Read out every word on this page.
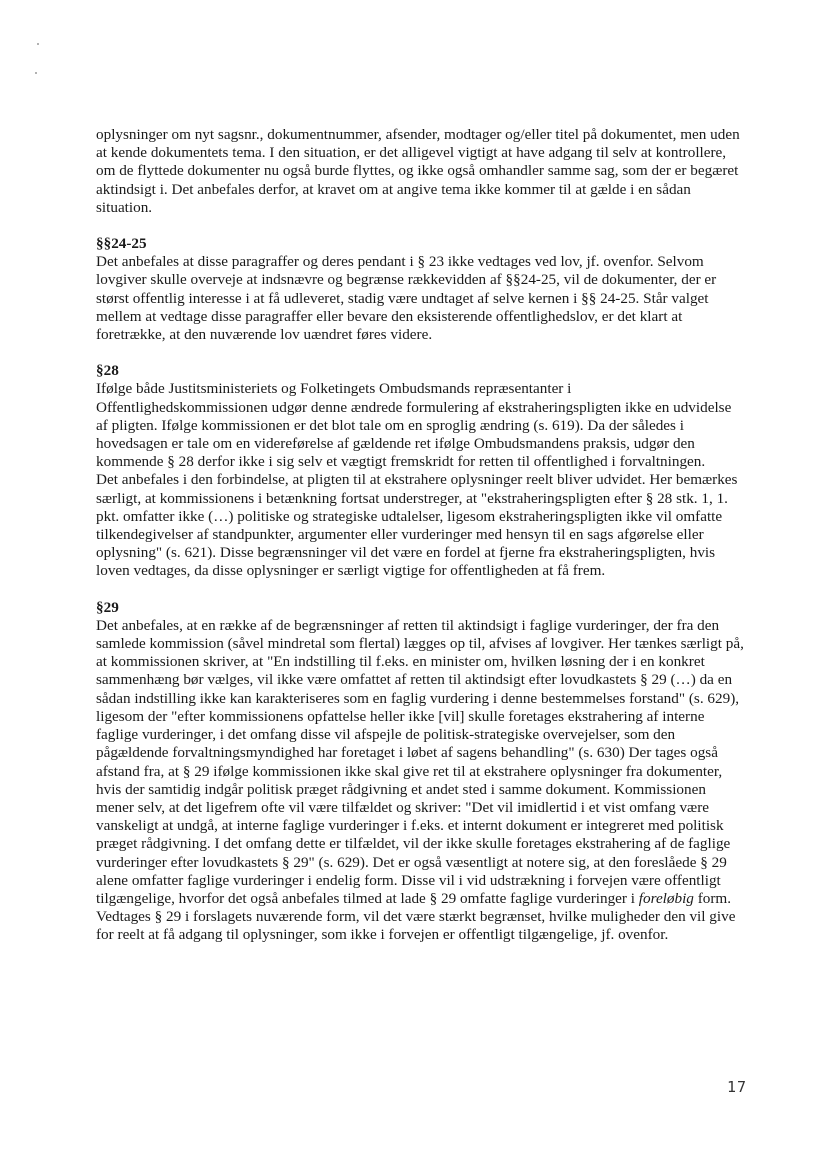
oplysninger om nyt sagsnr., dokumentnummer, afsender, modtager og/eller titel på dokumentet, men uden at kende dokumentets tema. I den situation, er det alligevel vigtigt at have adgang til selv at kontrollere, om de flyttede dokumenter nu også burde flyttes, og ikke også omhandler samme sag, som der er begæret aktindsigt i. Det anbefales derfor, at kravet om at angive tema ikke kommer til at gælde i en sådan situation.

§§24-25

Det anbefales at disse paragraffer og deres pendant i § 23 ikke vedtages ved lov, jf. ovenfor. Selvom lovgiver skulle overveje at indsnævre og begrænse rækkevidden af §§24-25, vil de dokumenter, der er størst offentlig interesse i at få udleveret, stadig være undtaget af selve kernen i §§ 24-25. Står valget mellem at vedtage disse paragraffer eller bevare den eksisterende offentlighedslov, er det klart at foretrække, at den nuværende lov uændret føres videre.

§28

Ifølge både Justitsministeriets og Folketingets Ombudsmands repræsentanter i Offentlighedskommissionen udgør denne ændrede formulering af ekstraheringspligten ikke en udvidelse af pligten. Ifølge kommissionen er det blot tale om en sproglig ændring (s. 619). Da der således i hovedsagen er tale om en videreførelse af gældende ret ifølge Ombudsmandens praksis, udgør den kommende § 28 derfor ikke i sig selv et vægtigt fremskridt for retten til offentlighed i forvaltningen.

Det anbefales i den forbindelse, at pligten til at ekstrahere oplysninger reelt bliver udvidet. Her bemærkes særligt, at kommissionens i betænkning fortsat understreger, at "ekstraheringspligten efter § 28 stk. 1, 1. pkt. omfatter ikke (…) politiske og strategiske udtalelser, ligesom ekstraheringspligten ikke vil omfatte tilkendegivelser af standpunkter, argumenter eller vurderinger med hensyn til en sags afgørelse eller oplysning" (s. 621). Disse begrænsninger vil det være en fordel at fjerne fra ekstraheringspligten, hvis loven vedtages, da disse oplysninger er særligt vigtige for offentligheden at få frem.

§29

Det anbefales, at en række af de begrænsninger af retten til aktindsigt i faglige vurderinger, der fra den samlede kommission (såvel mindretal som flertal) lægges op til, afvises af lovgiver. Her tænkes særligt på, at kommissionen skriver, at "En indstilling til f.eks. en minister om, hvilken løsning der i en konkret sammenhæng bør vælges, vil ikke være omfattet af retten til aktindsigt efter lovudkastets § 29 (…) da en sådan indstilling ikke kan karakteriseres som en faglig vurdering i denne bestemmelses forstand" (s. 629), ligesom der "efter kommissionens opfattelse heller ikke [vil] skulle foretages ekstrahering af interne faglige vurderinger, i det omfang disse vil afspejle de politisk-strategiske overvejelser, som den pågældende forvaltningsmyndighed har foretaget i løbet af sagens behandling" (s. 630) Der tages også afstand fra, at § 29 ifølge kommissionen ikke skal give ret til at ekstrahere oplysninger fra dokumenter, hvis der samtidig indgår politisk præget rådgivning et andet sted i samme dokument. Kommissionen mener selv, at det ligefrem ofte vil være tilfældet og skriver: "Det vil imidlertid i et vist omfang være vanskeligt at undgå, at interne faglige vurderinger i f.eks. et internt dokument er integreret med politisk præget rådgivning. I det omfang dette er tilfældet, vil der ikke skulle foretages ekstrahering af de faglige vurderinger efter lovudkastets § 29" (s. 629). Det er også væsentligt at notere sig, at den foreslåede § 29 alene omfatter faglige vurderinger i endelig form. Disse vil i vid udstrækning i forvejen være offentligt tilgængelige, hvorfor det også anbefales tilmed at lade § 29 omfatte faglige vurderinger i foreløbig form. Vedtages § 29 i forslagets nuværende form, vil det være stærkt begrænset, hvilke muligheder den vil give for reelt at få adgang til oplysninger, som ikke i forvejen er offentligt tilgængelige, jf. ovenfor.

17
